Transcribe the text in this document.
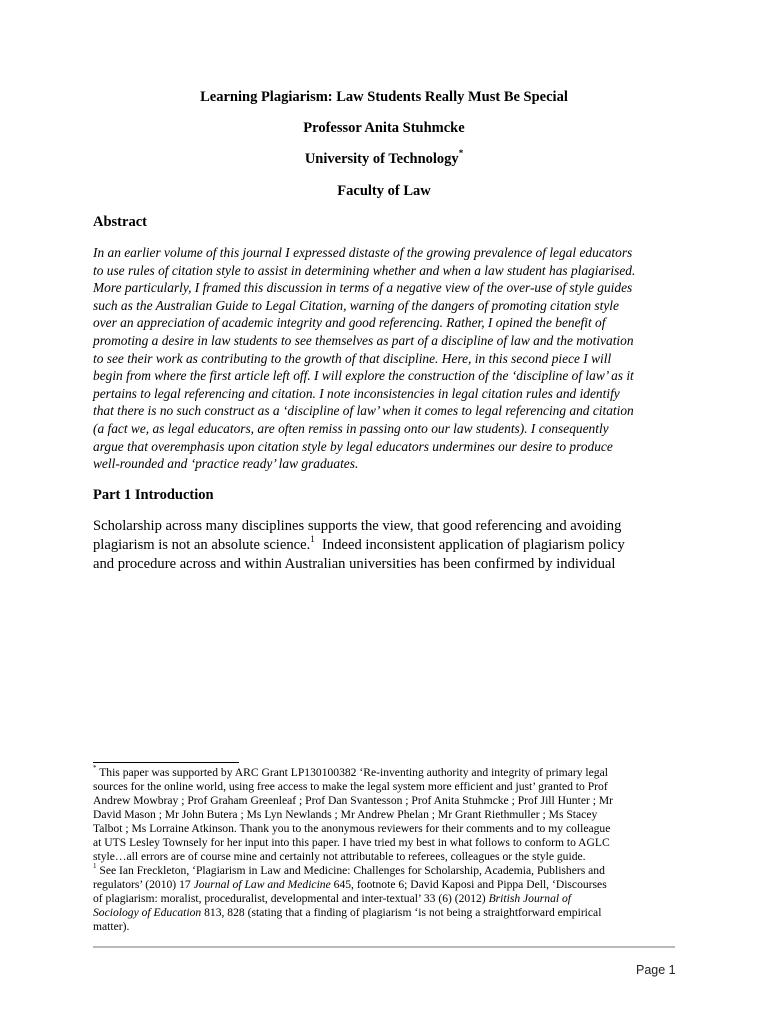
Learning Plagiarism: Law Students Really Must Be Special
Professor Anita Stuhmcke
University of Technology*
Faculty of Law
Abstract
In an earlier volume of this journal I expressed distaste of the growing prevalence of legal educators
to use rules of citation style to assist in determining whether and when a law student has plagiarised.
More particularly, I framed this discussion in terms of a negative view of the over-use of style guides
such as the Australian Guide to Legal Citation, warning of the dangers of promoting citation style
over an appreciation of academic integrity and good referencing. Rather, I opined the benefit of
promoting a desire in law students to see themselves as part of a discipline of law and the motivation
to see their work as contributing to the growth of that discipline. Here, in this second piece I will
begin from where the first article left off. I will explore the construction of the ‘discipline of law’ as it
pertains to legal referencing and citation. I note inconsistencies in legal citation rules and identify
that there is no such construct as a ‘discipline of law’ when it comes to legal referencing and citation
(a fact we, as legal educators, are often remiss in passing onto our law students). I consequently
argue that overemphasis upon citation style by legal educators undermines our desire to produce
well-rounded and ‘practice ready’ law graduates.
Part 1 Introduction
Scholarship across many disciplines supports the view, that good referencing and avoiding
plagiarism is not an absolute science.$^1$  Indeed inconsistent application of plagiarism policy
and procedure across and within Australian universities has been confirmed by individual
* This paper was supported by ARC Grant LP130100382 ‘Re-inventing authority and integrity of primary legal
sources for the online world, using free access to make the legal system more efficient and just’ granted to Prof
Andrew Mowbray ; Prof Graham Greenleaf ; Prof Dan Svantesson ; Prof Anita Stuhmcke ; Prof Jill Hunter ; Mr
David Mason ; Mr John Butera ; Ms Lyn Newlands ; Mr Andrew Phelan ; Mr Grant Riethmuller ; Ms Stacey
Talbot ; Ms Lorraine Atkinson. Thank you to the anonymous reviewers for their comments and to my colleague
at UTS Lesley Townsely for her input into this paper. I have tried my best in what follows to conform to AGLC
style…all errors are of course mine and certainly not attributable to referees, colleagues or the style guide.
$^1$ See Ian Freckleton, ‘Plagiarism in Law and Medicine: Challenges for Scholarship, Academia, Publishers and
regulators’ (2010) 17 Journal of Law and Medicine 645, footnote 6; David Kaposi and Pippa Dell, ‘Discourses
of plagiarism: moralist, proceduralist, developmental and inter-textual’ 33 (6) (2012) British Journal of
Sociology of Education 813, 828 (stating that a finding of plagiarism ‘is not being a straightforward empirical
matter).
Page 1
